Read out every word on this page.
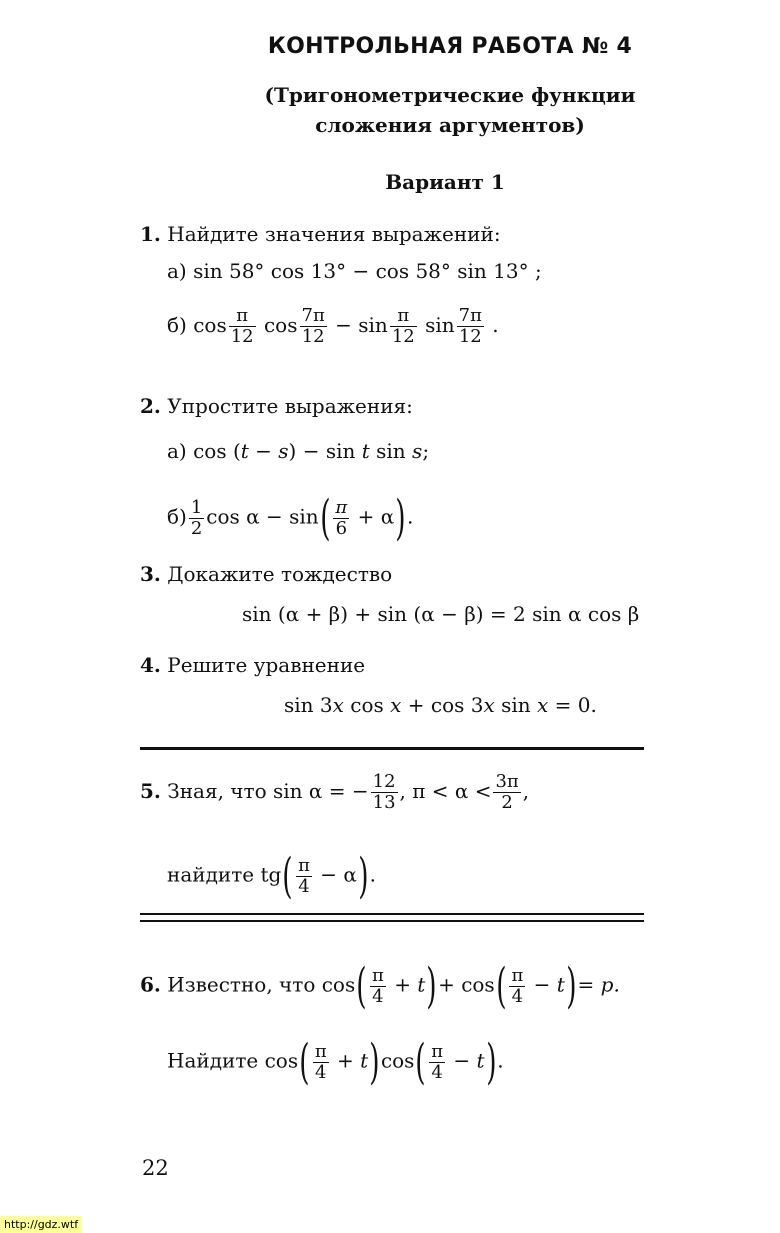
КОНТРОЛЬНАЯ РАБОТА № 4
(Тригонометрические функции
сложения аргументов)
Вариант 1
1. Найдите значения выражений:
а) sin 58° cos 13° − cos 58° sin 13° ;
б) $\cos \frac{\pi}{12}$ $\cos \frac{7\pi}{12} - \sin \frac{\pi}{12}$ $\sin \frac{7\pi}{12}$ .
2. Упростите выражения:
а) cos (t − s) − sin t sin s;
$б) \frac{1}{2}$ $\cos \alpha - \sin( \frac{\pi}{6} + \alpha)$.
3. Докажите тождество
sin (α + β) + sin (α − β) = 2 sin α cos β
4. Решите уравнение
sin 3x cos x + cos 3x sin x = 0.
5. Зная, что sin α = − $\frac{12}{13}$ , $\pi < \alpha < \frac{3\pi}{2}$ ,
найдите $tg( \frac{\pi}{4} - \alpha)$.
6. Известно, что $\cos( \frac{\pi}{4} + t)+ \cos( \frac{\pi}{4} - t)= p$.
Найдите $\cos( \frac{\pi}{4} + t)\cos( \frac{\pi}{4} - t)$.
22
http://gdz.wtf
